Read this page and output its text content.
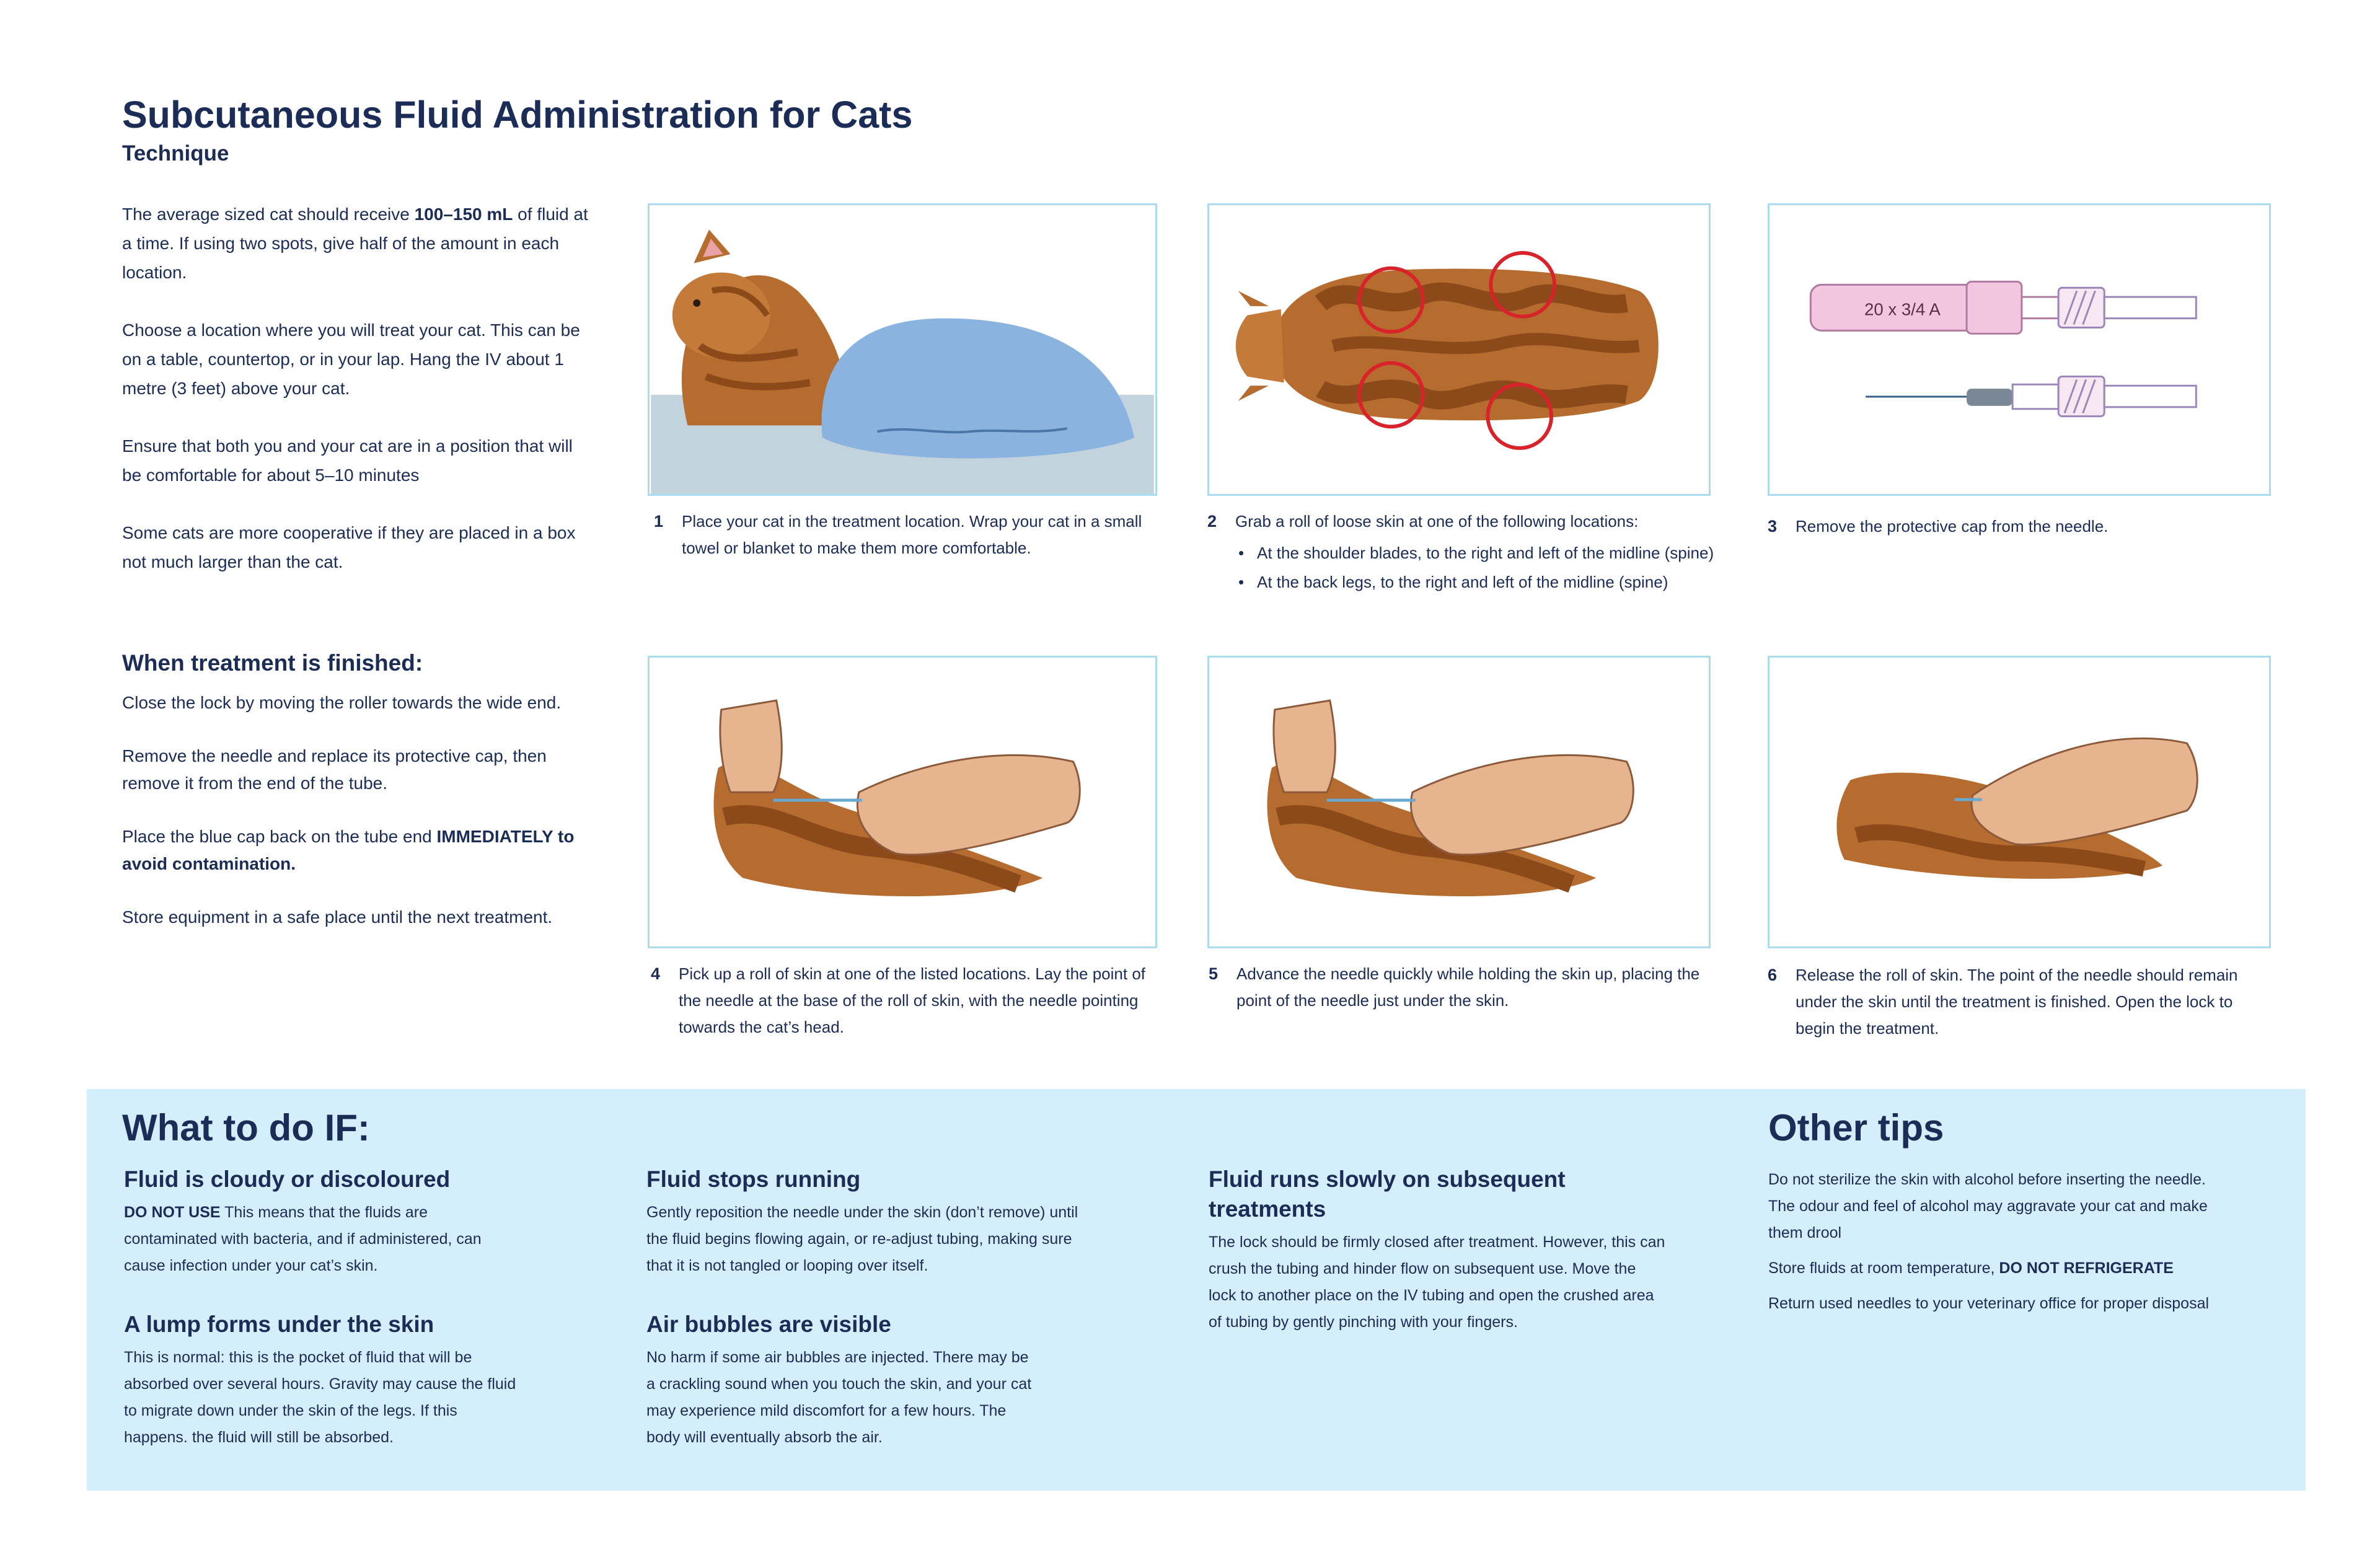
Subcutaneous Fluid Administration for Cats
Technique

The average sized cat should receive 100–150 mL of fluid at a time. If using two spots, give half of the amount in each location.

Choose a location where you will treat your cat. This can be on a table, countertop, or in your lap. Hang the IV about 1 metre (3 feet) above your cat.

Ensure that both you and your cat are in a position that will be comfortable for about 5–10 minutes

Some cats are more cooperative if they are placed in a box not much larger than the cat.

When treatment is finished:

Close the lock by moving the roller towards the wide end.

Remove the needle and replace its protective cap, then remove it from the end of the tube.

Place the blue cap back on the tube end IMMEDIATELY to avoid contamination.

Store equipment in a safe place until the next treatment.

1 Place your cat in the treatment location. Wrap your cat in a small towel or blanket to make them more comfortable.
2 Grab a roll of loose skin at one of the following locations:
• At the shoulder blades, to the right and left of the midline (spine)
• At the back legs, to the right and left of the midline (spine)
20 x 3/4 A
3 Remove the protective cap from the needle.
4 Pick up a roll of skin at one of the listed locations. Lay the point of the needle at the base of the roll of skin, with the needle pointing towards the cat’s head.
5 Advance the needle quickly while holding the skin up, placing the point of the needle just under the skin.
6 Release the roll of skin. The point of the needle should remain under the skin until the treatment is finished. Open the lock to begin the treatment.
What to do IF:
Fluid is cloudy or discoloured

DO NOT USE This means that the fluids are contaminated with bacteria, and if administered, can cause infection under your cat’s skin.

A lump forms under the skin

This is normal: this is the pocket of fluid that will be absorbed over several hours. Gravity may cause the fluid to migrate down under the skin of the legs. If this happens. the fluid will still be absorbed.

Fluid stops running

Gently reposition the needle under the skin (don’t remove) until the fluid begins flowing again, or re-adjust tubing, making sure that it is not tangled or looping over itself.

Air bubbles are visible

No harm if some air bubbles are injected. There may be a crackling sound when you touch the skin, and your cat may experience mild discomfort for a few hours. The body will eventually absorb the air.

Fluid runs slowly on subsequent treatments

The lock should be firmly closed after treatment. However, this can crush the tubing and hinder flow on subsequent use. Move the lock to another place on the IV tubing and open the crushed area of tubing by gently pinching with your fingers.

Other tips

Do not sterilize the skin with alcohol before inserting the needle. The odour and feel of alcohol may aggravate your cat and make them drool

Store fluids at room temperature, DO NOT REFRIGERATE

Return used needles to your veterinary office for proper disposal
